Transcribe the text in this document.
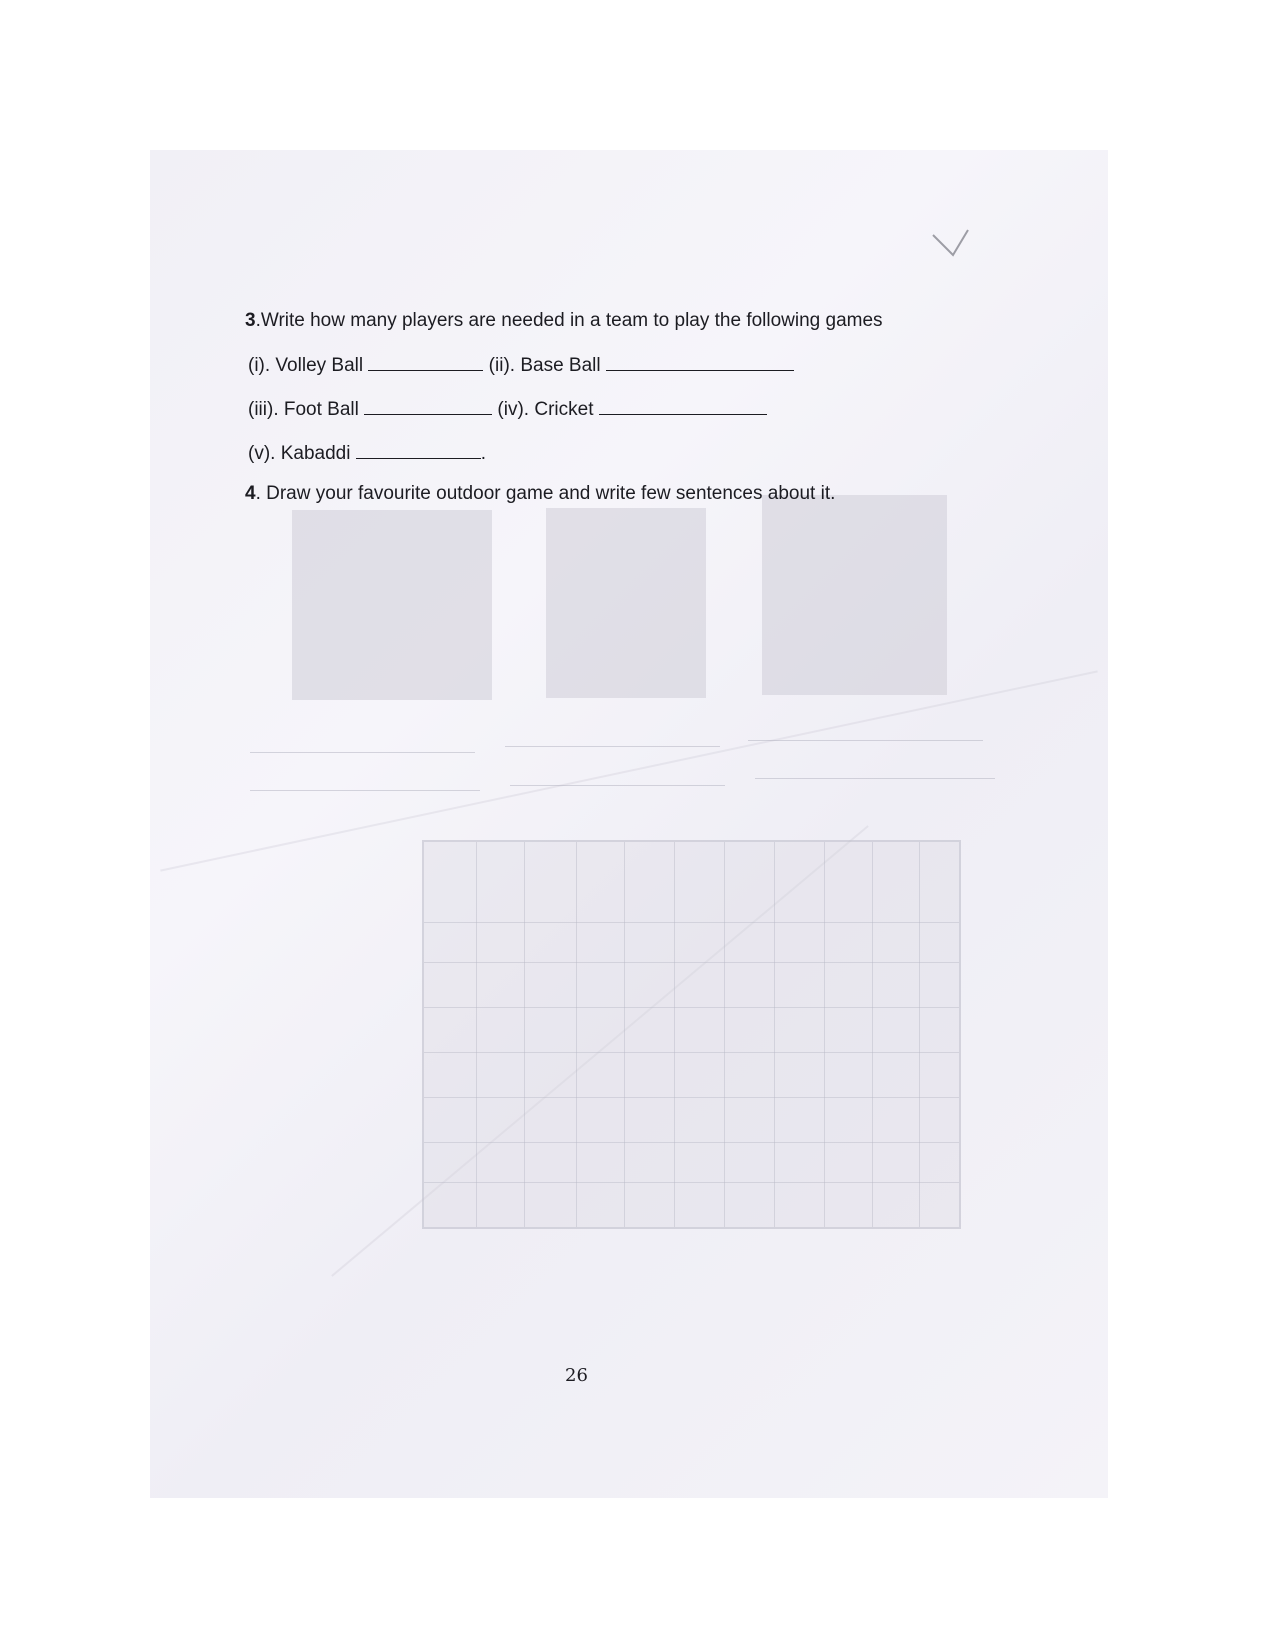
3.Write how many players are needed in a team to play the following games
(i). Volley Ball	(ii). Base Ball
(iii). Foot Ball	(iv). Cricket
(v). Kabaddi	.
4. Draw your favourite outdoor game and write few sentences about it.
26
